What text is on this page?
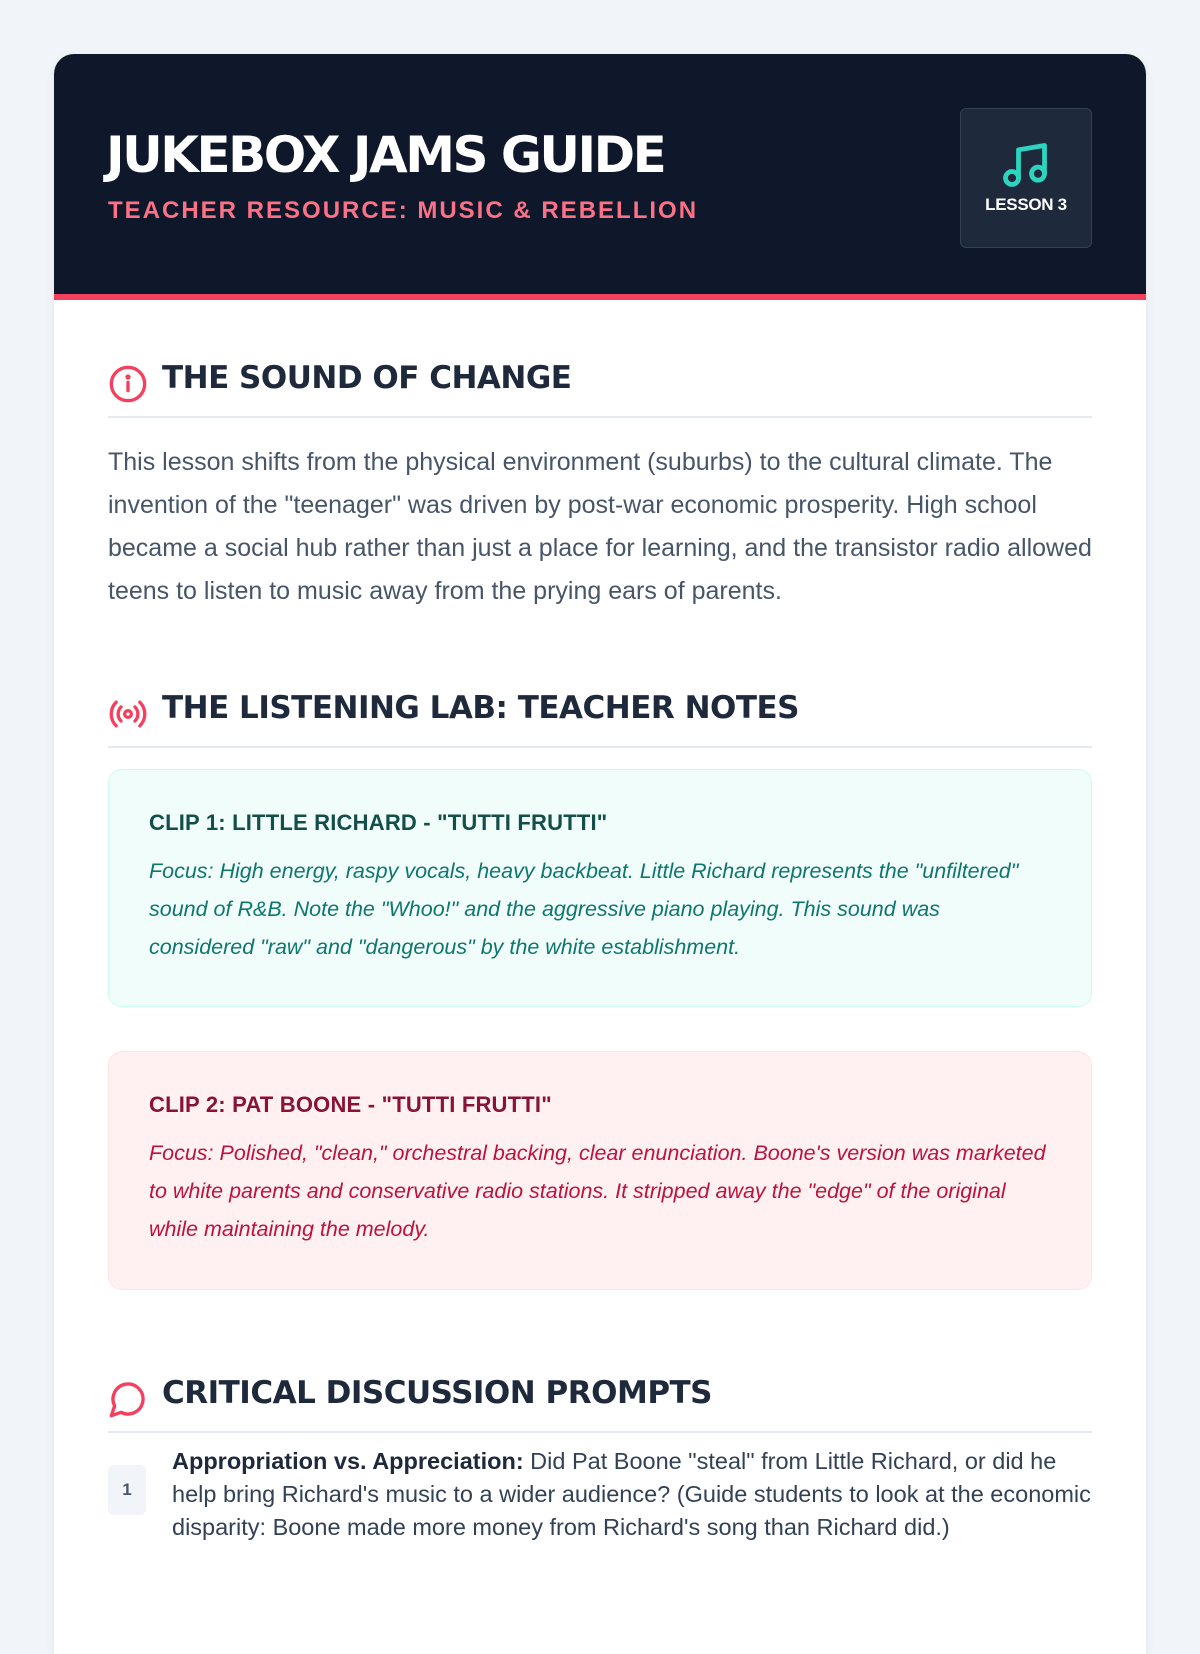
JUKEBOX JAMS GUIDE
TEACHER RESOURCE: MUSIC & REBELLION	LESSON 3
THE SOUND OF CHANGE

This lesson shifts from the physical environment (suburbs) to the cultural climate. The invention of the "teenager" was driven by post-war economic prosperity. High school became a social hub rather than just a place for learning, and the transistor radio allowed teens to listen to music away from the prying ears of parents.

THE LISTENING LAB: TEACHER NOTES
CLIP 1: LITTLE RICHARD - "TUTTI FRUTTI"

Focus: High energy, raspy vocals, heavy backbeat. Little Richard represents the "unfiltered" sound of R&B. Note the "Whoo!" and the aggressive piano playing. This sound was considered "raw" and "dangerous" by the white establishment.

CLIP 2: PAT BOONE - "TUTTI FRUTTI"

Focus: Polished, "clean," orchestral backing, clear enunciation. Boone's version was marketed to white parents and conservative radio stations. It stripped away the "edge" of the original while maintaining the melody.

CRITICAL DISCUSSION PROMPTS
1

Appropriation vs. Appreciation: Did Pat Boone "steal" from Little Richard, or did he help bring Richard's music to a wider audience? (Guide students to look at the economic disparity: Boone made more money from Richard's song than Richard did.)
